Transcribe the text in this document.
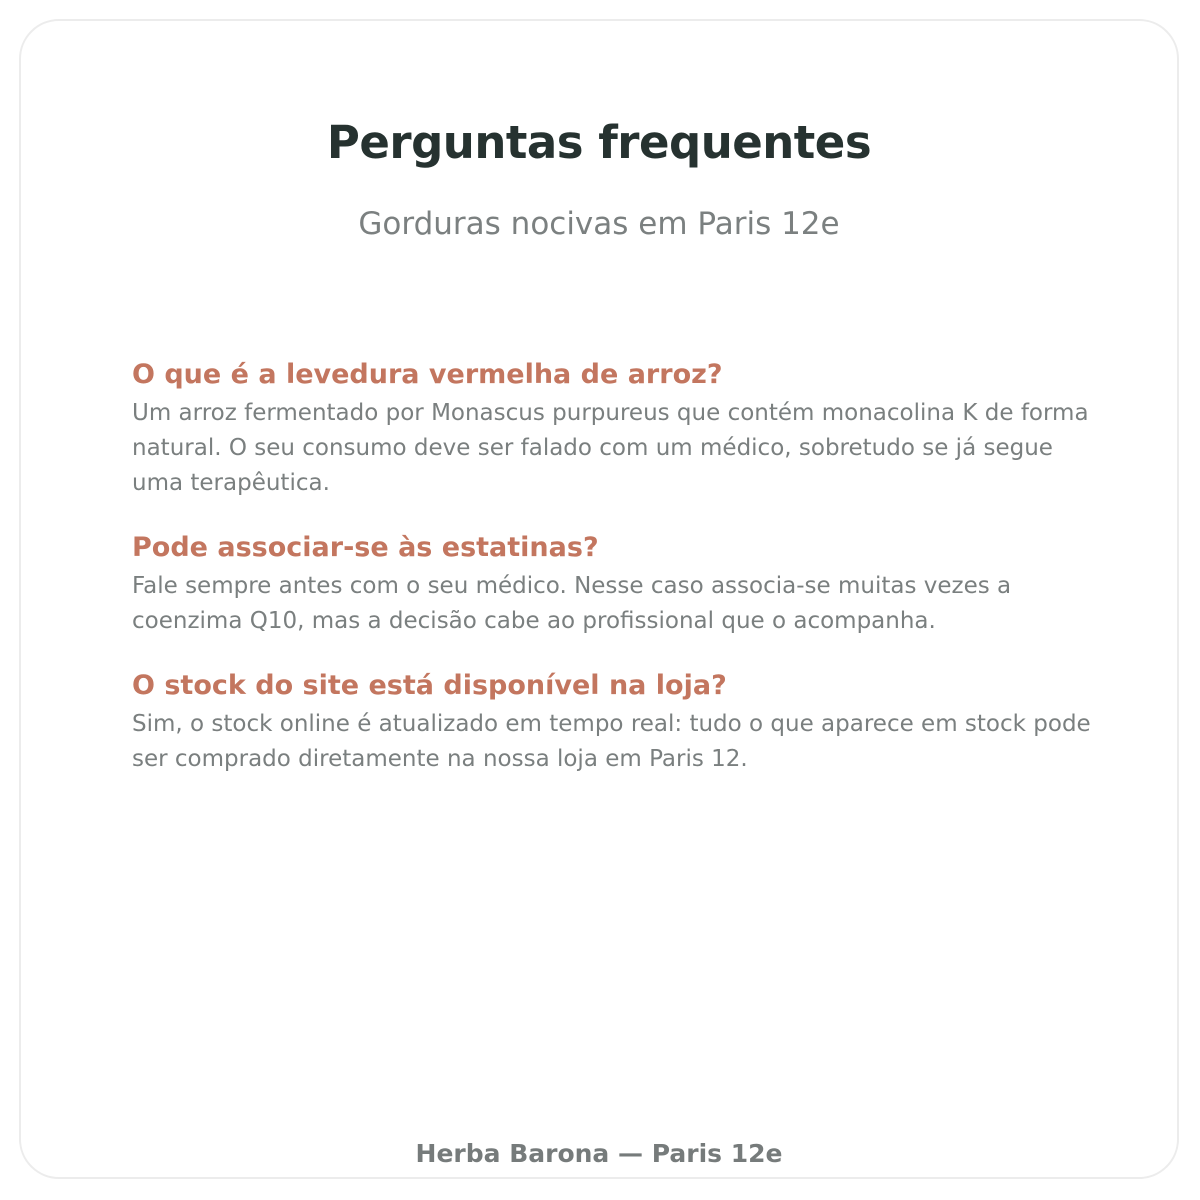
Perguntas frequentes

Gorduras nocivas em Paris 12e

O que é a levedura vermelha de arroz?

Um arroz fermentado por Monascus purpureus que contém monacolina K de forma natural. O seu consumo deve ser falado com um médico, sobretudo se já segue uma terapêutica.

Pode associar-se às estatinas?

Fale sempre antes com o seu médico. Nesse caso associa-se muitas vezes a coenzima Q10, mas a decisão cabe ao profissional que o acompanha.

O stock do site está disponível na loja?

Sim, o stock online é atualizado em tempo real: tudo o que aparece em stock pode ser comprado diretamente na nossa loja em Paris 12.

Herba Barona — Paris 12e
